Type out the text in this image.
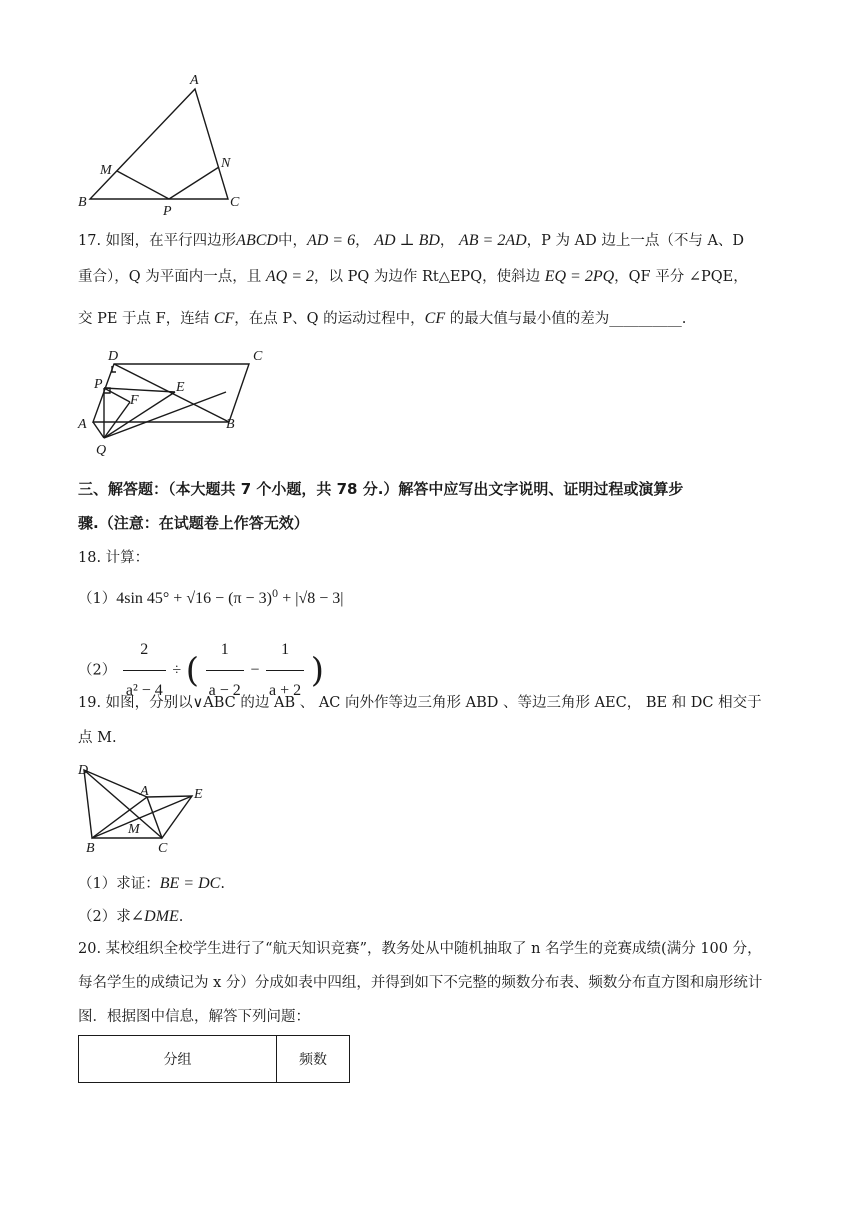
A
B	C
M	N
P
17. 如图，在平行四边形ABCD中，AD = 6， AD ⊥ BD， AB = 2AD，P 为 AD 边上一点（不与 A、D
重合），Q 为平面内一点，且 AQ = 2，以 PQ 为边作 Rt△EPQ，使斜边 EQ = 2PQ，QF 平分 ∠PQE，
交 PE 于点 F，连结 CF，在点 P、Q 的运动过程中，CF 的最大值与最小值的差为__________.
D	C
P	E
F
A	B
Q
三、解答题：（本大题共 7 个小题，共 78 分.）解答中应写出文字说明、证明过程或演算步
骤.（注意：在试题卷上作答无效）
18. 计算：
（1）4sin $45^\circ + √16 - (\pi - 3)^0 + |√8 - 3|$
$(2) \frac{2}{\text{a² − 4}}$ ÷ ( $\frac{1}{a - 2} - \frac{1}{a + 2}$ )
19. 如图，分别以∨ABC 的边 AB 、 AC 向外作等边三角形 ABD 、等边三角形 AEC， BE 和 DC 相交于
点 M.
D
A	E
M
B	C
（1）求证：BE = DC.
（2）求∠DME.
20. 某校组织全校学生进行了“航天知识竞赛”，教务处从中随机抽取了 n 名学生的竞赛成绩(满分 100 分，
每名学生的成绩记为 x 分）分成如表中四组，并得到如下不完整的频数分布表、频数分布直方图和扇形统计
图．根据图中信息，解答下列问题：
分组	频数
